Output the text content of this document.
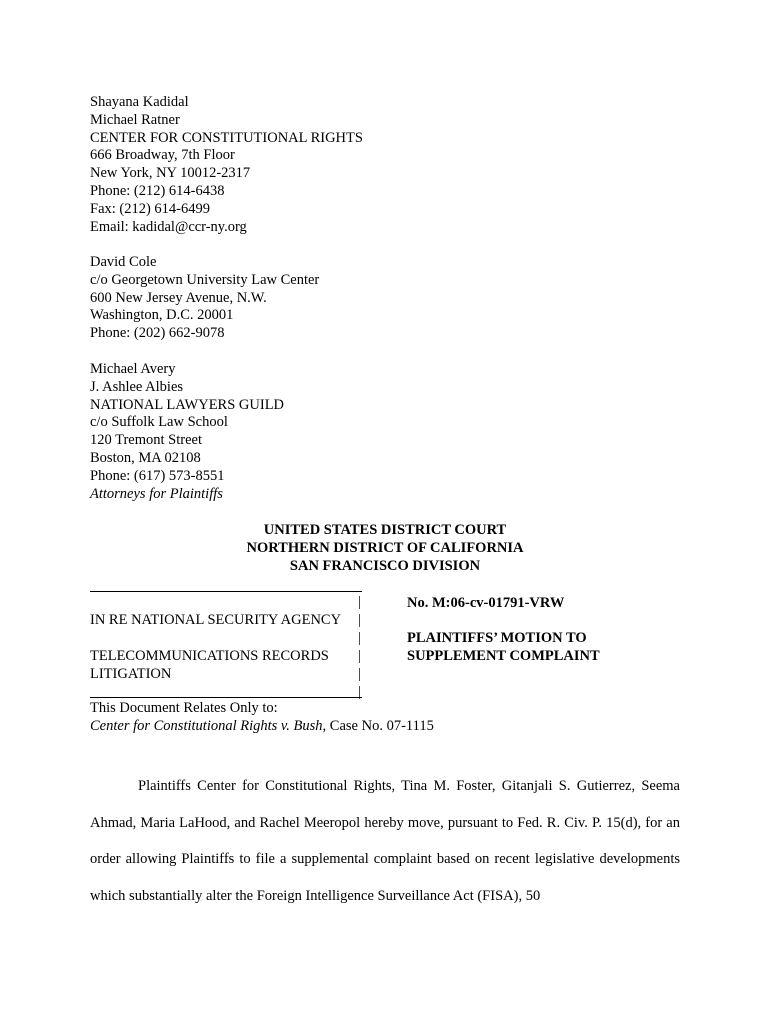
Shayana Kadidal
Michael Ratner
CENTER FOR CONSTITUTIONAL RIGHTS
666 Broadway, 7th Floor
New York, NY 10012-2317
Phone: (212) 614-6438
Fax: (212) 614-6499
Email: kadidal@ccr-ny.org
David Cole
c/o Georgetown University Law Center
600 New Jersey Avenue, N.W.
Washington, D.C. 20001
Phone: (202) 662-9078
Michael Avery
J. Ashlee Albies
NATIONAL LAWYERS GUILD
c/o Suffolk Law School
120 Tremont Street
Boston, MA 02108
Phone: (617) 573-8551
Attorneys for Plaintiffs
UNITED STATES DISTRICT COURT
NORTHERN DISTRICT OF CALIFORNIA
SAN FRANCISCO DIVISION
IN RE NATIONAL SECURITY AGENCY
TELECOMMUNICATIONS RECORDS
LITIGATION
|
|
|
|
|
|
No. M:06-cv-01791-VRW
PLAINTIFFS’ MOTION TO
SUPPLEMENT COMPLAINT
This Document Relates Only to:
Center for Constitutional Rights v. Bush, Case No. 07-1115

Plaintiffs Center for Constitutional Rights, Tina M. Foster, Gitanjali S. Gutierrez, Seema Ahmad, Maria LaHood, and Rachel Meeropol hereby move, pursuant to Fed. R. Civ. P. 15(d), for an order allowing Plaintiffs to file a supplemental complaint based on recent legislative developments which substantially alter the Foreign Intelligence Surveillance Act (FISA), 50
